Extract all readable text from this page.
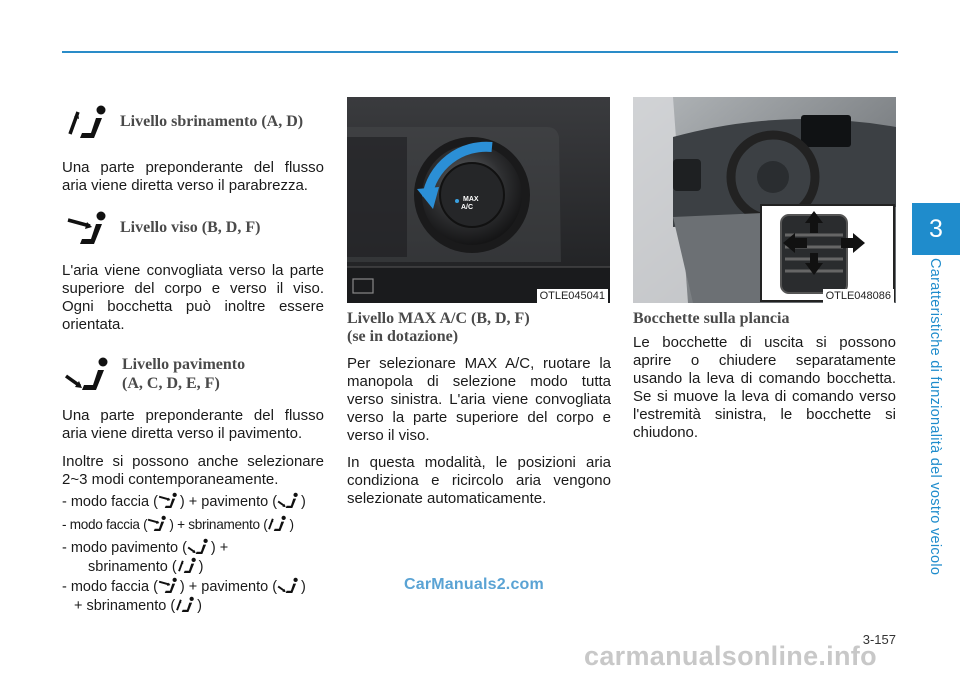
3
Caratteristiche di funzionalità del vostro veicolo
Livello sbrinamento (A, D)

Una parte preponderante del flusso aria viene diretta verso il parabrezza.

Livello viso (B, D, F)

L'aria viene convogliata verso la parte superiore del corpo e verso il viso. Ogni bocchetta può inoltre essere orientata.

Livello pavimento
(A, C, D, E, F)

Una parte preponderante del flusso aria viene diretta verso il pavimento.

Inoltre si possono anche selezionare 2~3 modi contemporaneamente.

- modo faccia ( ) + pavimento ( )
- modo faccia ( ) + sbrinamento ( )
- modo pavimento ( ) +
sbrinamento ( )
- modo faccia ( ) + pavimento ( )
+ sbrinamento ( )
MAX
A/C
OTLE045041
Livello MAX A/C (B, D, F)
(se in dotazione)

Per selezionare MAX A/C, ruotare la manopola di selezione modo tutta verso sinistra. L'aria viene convogliata verso la parte superiore del corpo e verso il viso.

In questa modalità, le posizioni aria condiziona e ricircolo aria vengono selezionate automaticamente.

OTLE048086
Bocchette sulla plancia

Le bocchette di uscita si possono aprire o chiudere separatamente usando la leva di comando bocchetta. Se si muove la leva di comando verso l'estremità sinistra, le bocchette si chiudono.

CarManuals2.com
3-157
carmanualsonline.info
